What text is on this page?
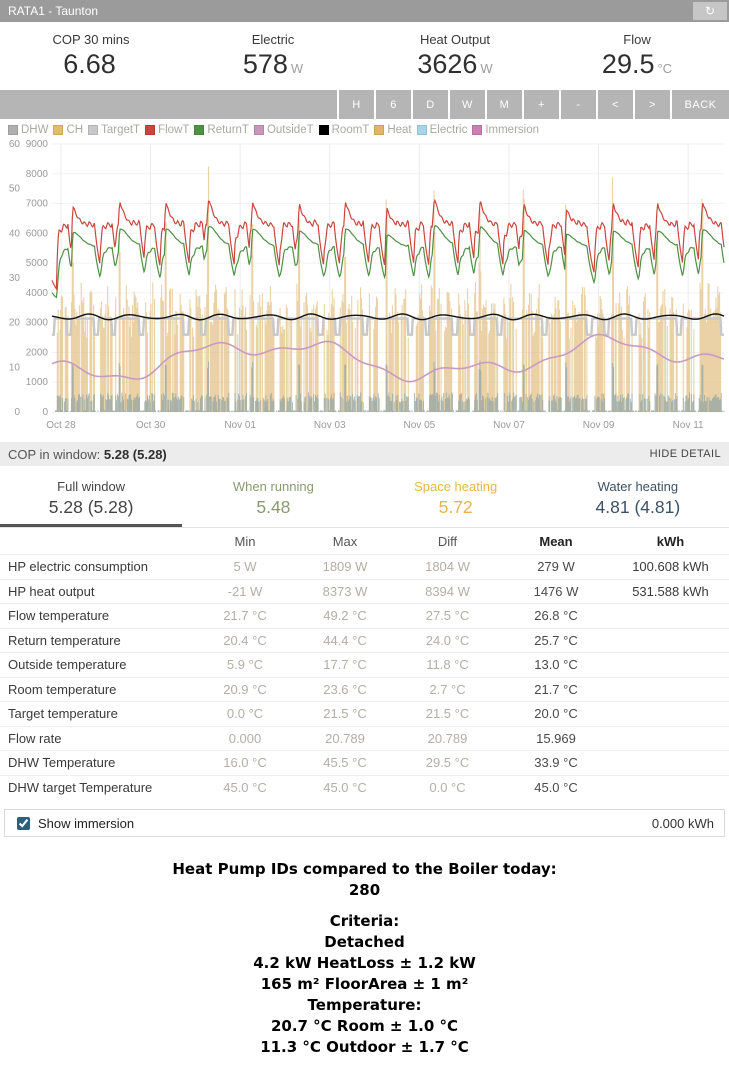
RATA1 - Taunton	↻
COP 30 mins
6.68
Electric
578 W
Heat Output
3626 W
Flow
29.5 °C
H	6	D	W	M	+	-	<	>	BACK
DHW CH TargetT FlowT ReturnT OutsideT RoomT Heat Electric Immersion
Oct 28	Oct 30	Nov 01	Nov 03	Nov 05	Nov 07	Nov 09	Nov 11
0
10
20
30
40
50
60
0
1000
2000
3000
4000
5000
6000
7000
8000
9000
COP in window: 5.28 (5.28)	HIDE DETAIL
Full window
5.28 (5.28)
When running
5.48
Space heating
5.72
Water heating
4.81 (4.81)
Min	Max	Diff	Mean	kWh
HP electric consumption	5 W	1809 W	1804 W	279 W	100.608 kWh
HP heat output	-21 W	8373 W	8394 W	1476 W	531.588 kWh
Flow temperature	21.7 °C	49.2 °C	27.5 °C	26.8 °C
Return temperature	20.4 °C	44.4 °C	24.0 °C	25.7 °C
Outside temperature	5.9 °C	17.7 °C	11.8 °C	13.0 °C
Room temperature	20.9 °C	23.6 °C	2.7 °C	21.7 °C
Target temperature	0.0 °C	21.5 °C	21.5 °C	20.0 °C
Flow rate	0.000	20.789	20.789	15.969
DHW Temperature	16.0 °C	45.5 °C	29.5 °C	33.9 °C
DHW target Temperature	45.0 °C	45.0 °C	0.0 °C	45.0 °C
Show immersion	0.000 kWh
Heat Pump IDs compared to the Boiler today:
280
Criteria:
Detached
4.2 kW HeatLoss ± 1.2 kW
165 m² FloorArea ± 1 m²
Temperature:
20.7 °C Room ± 1.0 °C
11.3 °C Outdoor ± 1.7 °C
